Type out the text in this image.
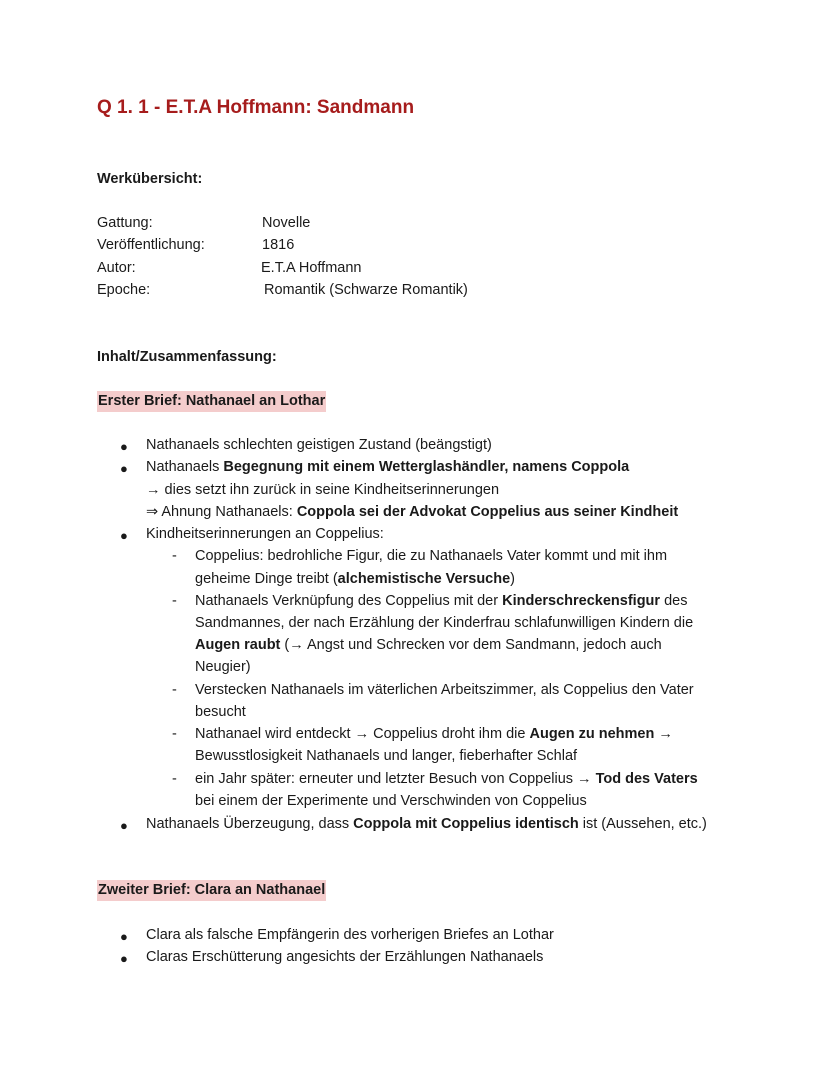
Q 1. 1 - E.T.A Hoffmann: Sandmann
Werkübersicht:
Gattung:	Novelle
Veröffentlichung:	1816
Autor:	E.T.A Hoffmann
Epoche:	Romantik (Schwarze Romantik)
Inhalt/Zusammenfassung:
Erster Brief: Nathanael an Lothar
● Nathanaels schlechten geistigen Zustand (beängstigt)
● Nathanaels Begegnung mit einem Wetterglashändler, namens Coppola
→ dies setzt ihn zurück in seine Kindheitserinnerungen
⇒ Ahnung Nathanaels: Coppola sei der Advokat Coppelius aus seiner Kindheit
● Kindheitserinnerungen an Coppelius:
- Coppelius: bedrohliche Figur, die zu Nathanaels Vater kommt und mit ihm
geheime Dinge treibt (alchemistische Versuche)
- Nathanaels Verknüpfung des Coppelius mit der Kinderschreckensfigur des
Sandmannes, der nach Erzählung der Kinderfrau schlafunwilligen Kindern die
Augen raubt (→ Angst und Schrecken vor dem Sandmann, jedoch auch
Neugier)
- Verstecken Nathanaels im väterlichen Arbeitszimmer, als Coppelius den Vater
besucht
- Nathanael wird entdeckt → Coppelius droht ihm die Augen zu nehmen →
Bewusstlosigkeit Nathanaels und langer, fieberhafter Schlaf
- ein Jahr später: erneuter und letzter Besuch von Coppelius → Tod des Vaters
bei einem der Experimente und Verschwinden von Coppelius
● Nathanaels Überzeugung, dass Coppola mit Coppelius identisch ist (Aussehen, etc.)
Zweiter Brief: Clara an Nathanael
● Clara als falsche Empfängerin des vorherigen Briefes an Lothar
● Claras Erschütterung angesichts der Erzählungen Nathanaels
